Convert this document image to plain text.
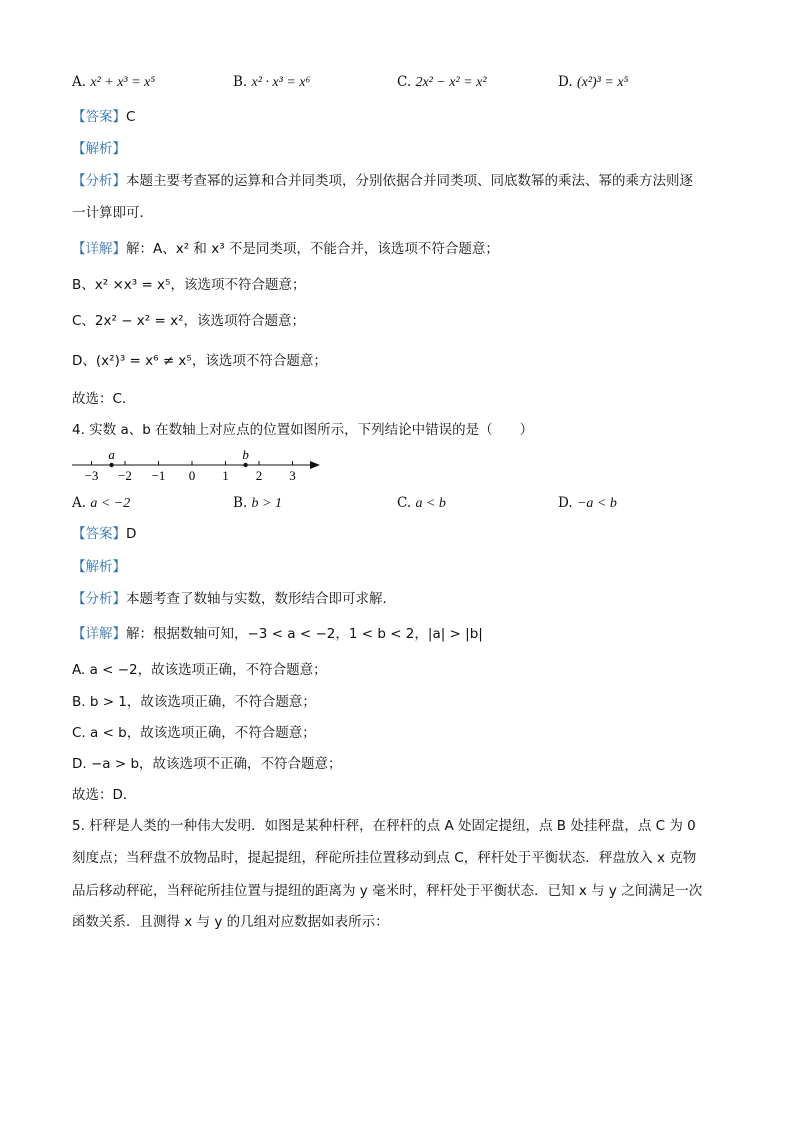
A. x² + x³ = x⁵	B. x² · x³ = x⁶	C. 2x² − x² = x²	D. (x²)³ = x⁵
【答案】C
【解析】
【分析】本题主要考查幂的运算和合并同类项，分别依据合并同类项、同底数幂的乘法、幂的乘方法则逐
一计算即可．
【详解】解：A、x² 和 x³ 不是同类项，不能合并，该选项不符合题意；
B、x² ×x³ = x⁵，该选项不符合题意；
C、2x² − x² = x²，该选项符合题意；
D、(x²)³ = x⁶ ≠ x⁵，该选项不符合题意；
故选：C．
4. 实数 a、b 在数轴上对应点的位置如图所示，下列结论中错误的是（　　）
−3 −2 −1 0 1 2 3
a	b
A. a < −2	B. b > 1	C. a < b	D. −a < b
【答案】D
【解析】
【分析】本题考查了数轴与实数，数形结合即可求解．
【详解】解：根据数轴可知，−3 < a < −2，1 < b < 2，|a| > |b|
A. a < −2，故该选项正确，不符合题意；
B. b > 1，故该选项正确，不符合题意；
C. a < b，故该选项正确，不符合题意；
D. −a > b，故该选项不正确，不符合题意；
故选：D．
5. 杆秤是人类的一种伟大发明．如图是某种杆秤，在秤杆的点 A 处固定提纽，点 B 处挂秤盘，点 C 为 0
刻度点；当秤盘不放物品时，提起提纽，秤砣所挂位置移动到点 C，秤杆处于平衡状态．秤盘放入 x 克物
品后移动秤砣，当秤砣所挂位置与提纽的距离为 y 毫米时，秤杆处于平衡状态．已知 x 与 y 之间满足一次
函数关系．且测得 x 与 y 的几组对应数据如表所示：
